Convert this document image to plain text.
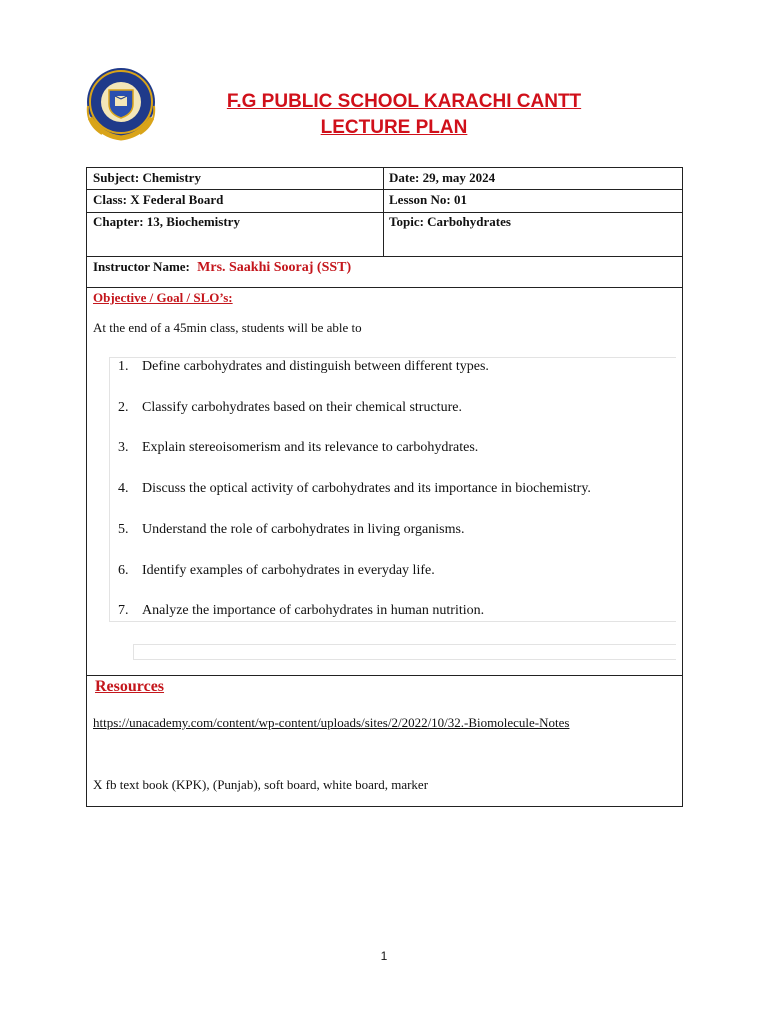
F.G PUBLIC SCHOOL KARACHI CANTT
LECTURE PLAN
Subject: Chemistry	Date: 29, may 2024
Class: X Federal Board	Lesson No: 01
Chapter: 13, Biochemistry	Topic: Carbohydrates
Instructor Name: Mrs. Saakhi Sooraj (SST)
Objective / Goal / SLO’s:
At the end of a 45min class, students will be able to
1. Define carbohydrates and distinguish between different types.
2. Classify carbohydrates based on their chemical structure.
3. Explain stereoisomerism and its relevance to carbohydrates.
4. Discuss the optical activity of carbohydrates and its importance in biochemistry.
5. Understand the role of carbohydrates in living organisms.
6. Identify examples of carbohydrates in everyday life.
7. Analyze the importance of carbohydrates in human nutrition.
Resources
https://unacademy.com/content/wp-content/uploads/sites/2/2022/10/32.-Biomolecule-Notes
X fb text book (KPK), (Punjab), soft board, white board, marker
1
